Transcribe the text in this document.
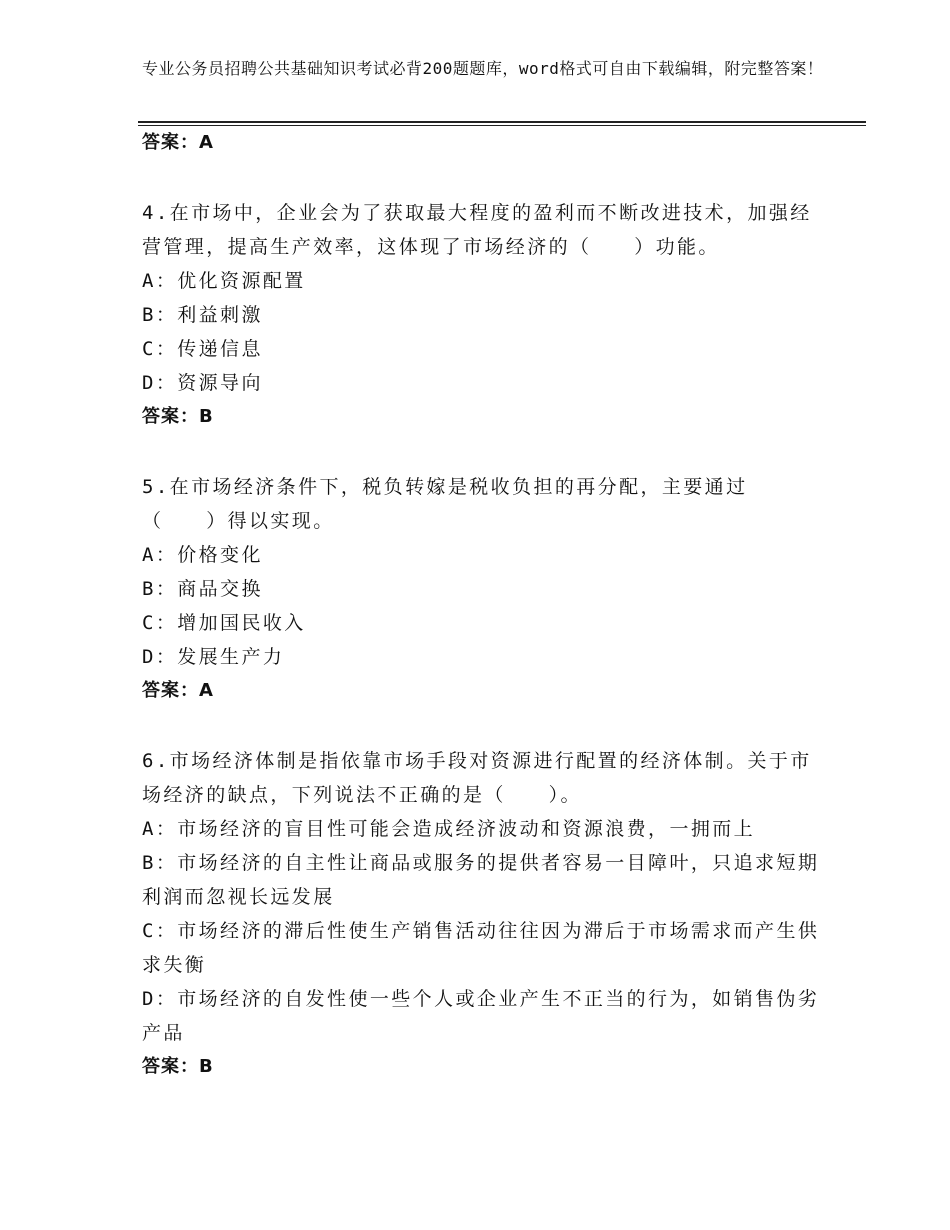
专业公务员招聘公共基础知识考试必背200题题库，word格式可自由下载编辑，附完整答案！
答案：A
4.在市场中，企业会为了获取最大程度的盈利而不断改进技术，加强经营管理，提高生产效率，这体现了市场经济的（　　）功能。
A：优化资源配置
B：利益刺激
C：传递信息
D：资源导向
答案：B
5.在市场经济条件下，税负转嫁是税收负担的再分配，主要通过（　　）得以实现。
A：价格变化
B：商品交换
C：增加国民收入
D：发展生产力
答案：A
6.市场经济体制是指依靠市场手段对资源进行配置的经济体制。关于市场经济的缺点，下列说法不正确的是（　　）。
A：市场经济的盲目性可能会造成经济波动和资源浪费，一拥而上
B：市场经济的自主性让商品或服务的提供者容易一目障叶，只追求短期利润而忽视长远发展
C：市场经济的滞后性使生产销售活动往往因为滞后于市场需求而产生供求失衡
D：市场经济的自发性使一些个人或企业产生不正当的行为，如销售伪劣产品
答案：B
